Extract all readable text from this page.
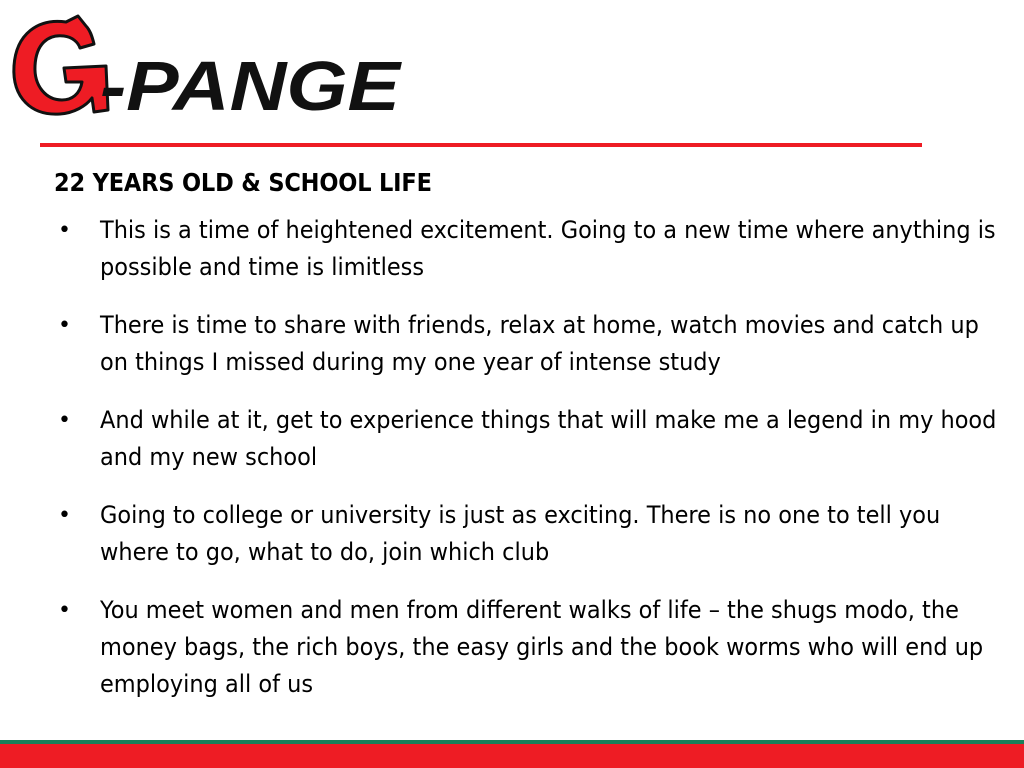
-PANGE
22 YEARS OLD & SCHOOL LIFE
• This is a time of heightened excitement. Going to a new time where anything is possible and time is limitless
• There is time to share with friends, relax at home, watch movies and catch up on things I missed during my one year of intense study
• And while at it, get to experience things that will make me a legend in my hood and my new school
• Going to college or university is just as exciting. There is no one to tell you where to go, what to do, join which club
• You meet women and men from different walks of life – the shugs modo, the money bags, the rich boys, the easy girls and the book worms who will end up employing all of us
